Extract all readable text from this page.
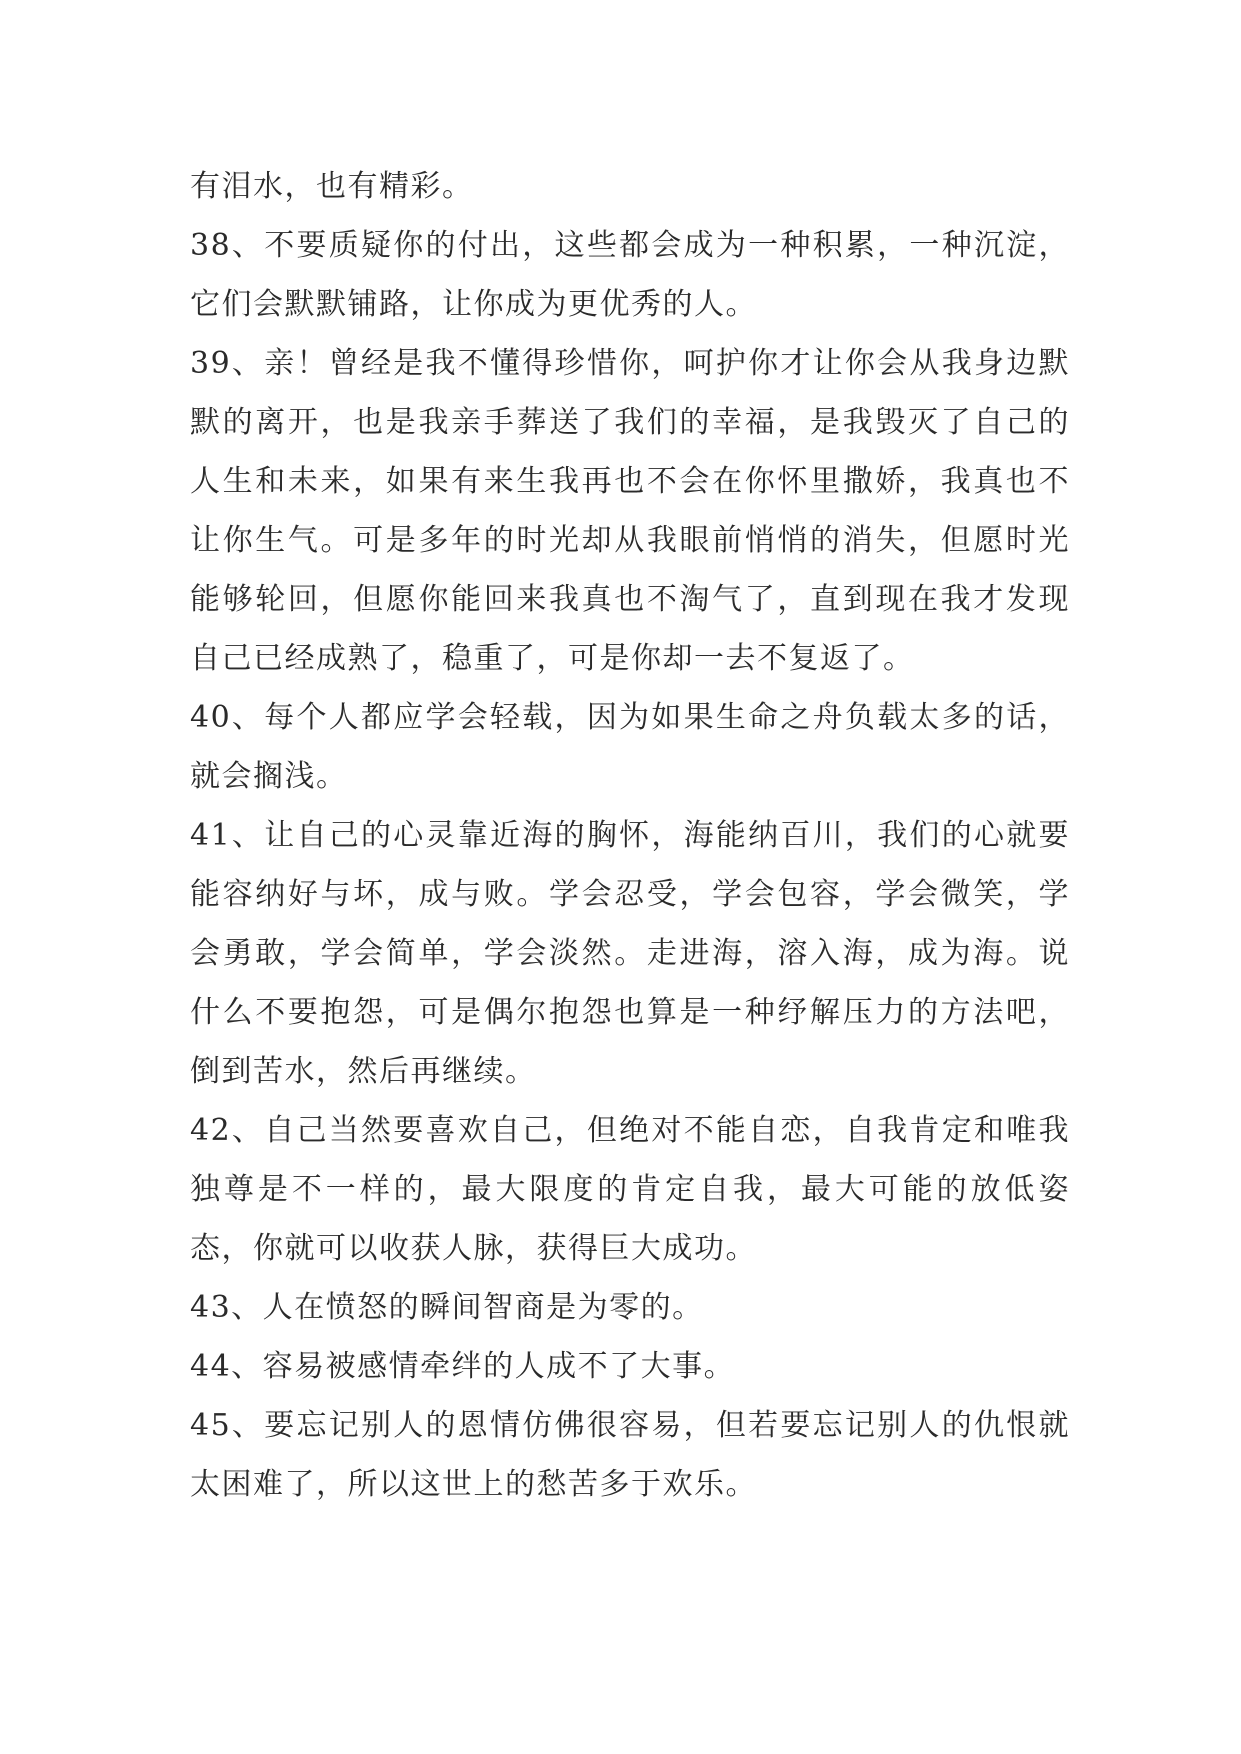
有泪水，也有精彩。

38、不要质疑你的付出，这些都会成为一种积累，一种沉淀，它们会默默铺路，让你成为更优秀的人。

39、亲！曾经是我不懂得珍惜你，呵护你才让你会从我身边默默的离开，也是我亲手葬送了我们的幸福，是我毁灭了自己的人生和未来，如果有来生我再也不会在你怀里撒娇，我真也不让你生气。可是多年的时光却从我眼前悄悄的消失，但愿时光能够轮回，但愿你能回来我真也不淘气了，直到现在我才发现自己已经成熟了，稳重了，可是你却一去不复返了。

40、每个人都应学会轻载，因为如果生命之舟负载太多的话，就会搁浅。

41、让自己的心灵靠近海的胸怀，海能纳百川，我们的心就要能容纳好与坏，成与败。学会忍受，学会包容，学会微笑，学会勇敢，学会简单，学会淡然。走进海，溶入海，成为海。说什么不要抱怨，可是偶尔抱怨也算是一种纾解压力的方法吧，倒到苦水，然后再继续。

42、自己当然要喜欢自己，但绝对不能自恋，自我肯定和唯我独尊是不一样的，最大限度的肯定自我，最大可能的放低姿态，你就可以收获人脉，获得巨大成功。

43、人在愤怒的瞬间智商是为零的。

44、容易被感情牵绊的人成不了大事。

45、要忘记别人的恩情仿佛很容易，但若要忘记别人的仇恨就太困难了，所以这世上的愁苦多于欢乐。
